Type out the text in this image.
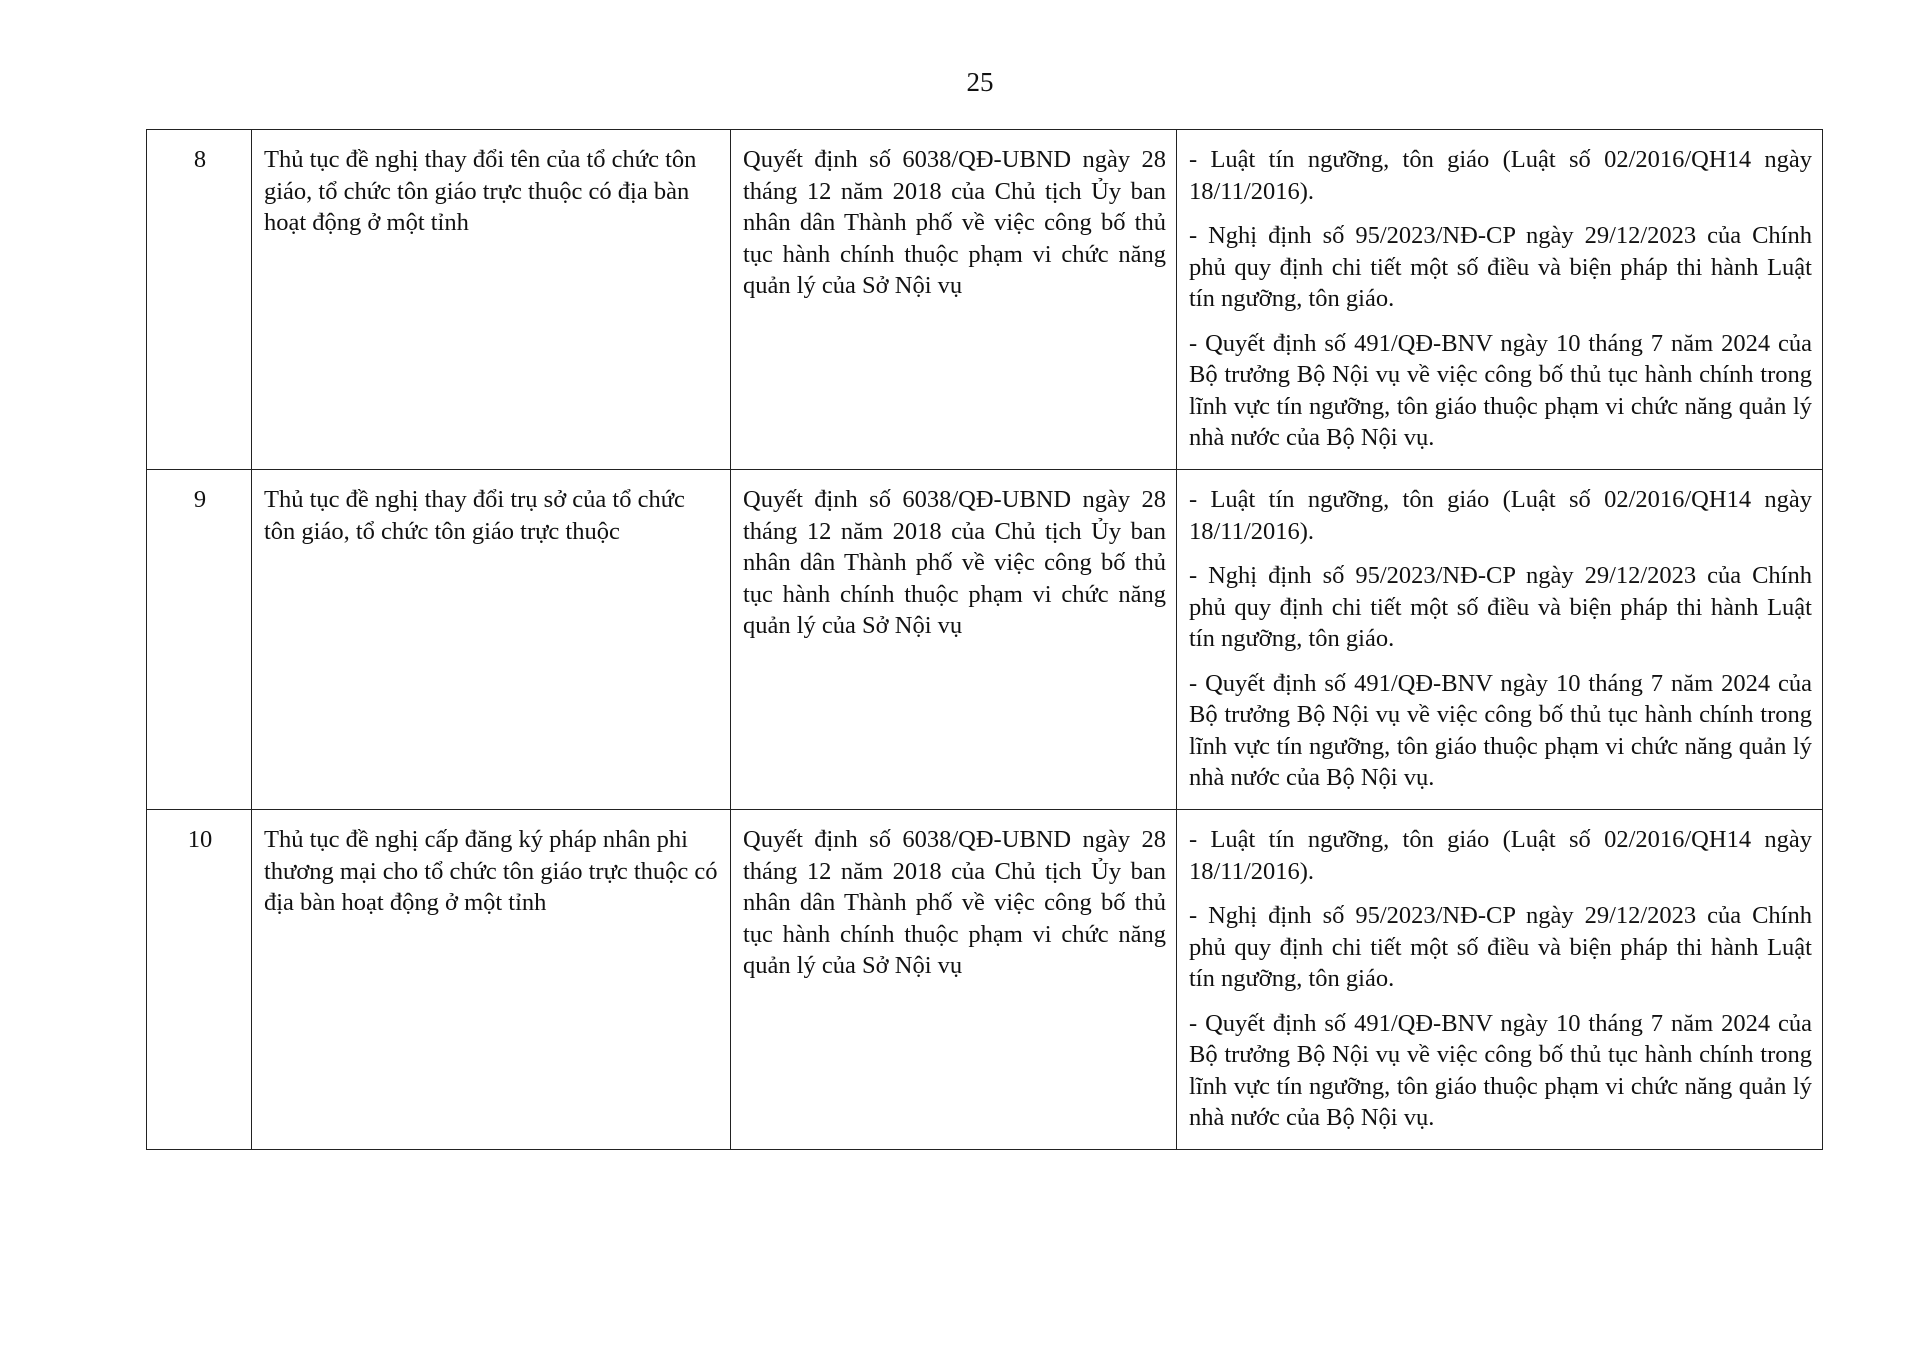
25
8	Thủ tục đề nghị thay đổi tên của tổ chức tôn giáo, tổ chức tôn giáo trực thuộc có địa bàn hoạt động ở một tỉnh	Quyết định số 6038/QĐ-UBND ngày 28 tháng 12 năm 2018 của Chủ tịch Ủy ban nhân dân Thành phố về việc công bố thủ tục hành chính thuộc phạm vi chức năng quản lý của Sở Nội vụ	- Luật tín ngưỡng, tôn giáo (Luật số 02/2016/QH14 ngày 18/11/2016).
- Nghị định số 95/2023/NĐ-CP ngày 29/12/2023 của Chính phủ quy định chi tiết một số điều và biện pháp thi hành Luật tín ngưỡng, tôn giáo.
- Quyết định số 491/QĐ-BNV ngày 10 tháng 7 năm 2024 của Bộ trưởng Bộ Nội vụ về việc công bố thủ tục hành chính trong lĩnh vực tín ngưỡng, tôn giáo thuộc phạm vi chức năng quản lý nhà nước của Bộ Nội vụ.

9	Thủ tục đề nghị thay đổi trụ sở của tổ chức tôn giáo, tổ chức tôn giáo trực thuộc	Quyết định số 6038/QĐ-UBND ngày 28 tháng 12 năm 2018 của Chủ tịch Ủy ban nhân dân Thành phố về việc công bố thủ tục hành chính thuộc phạm vi chức năng quản lý của Sở Nội vụ	- Luật tín ngưỡng, tôn giáo (Luật số 02/2016/QH14 ngày 18/11/2016).
- Nghị định số 95/2023/NĐ-CP ngày 29/12/2023 của Chính phủ quy định chi tiết một số điều và biện pháp thi hành Luật tín ngưỡng, tôn giáo.
- Quyết định số 491/QĐ-BNV ngày 10 tháng 7 năm 2024 của Bộ trưởng Bộ Nội vụ về việc công bố thủ tục hành chính trong lĩnh vực tín ngưỡng, tôn giáo thuộc phạm vi chức năng quản lý nhà nước của Bộ Nội vụ.

10	Thủ tục đề nghị cấp đăng ký pháp nhân phi thương mại cho tổ chức tôn giáo trực thuộc có địa bàn hoạt động ở một tỉnh	Quyết định số 6038/QĐ-UBND ngày 28 tháng 12 năm 2018 của Chủ tịch Ủy ban nhân dân Thành phố về việc công bố thủ tục hành chính thuộc phạm vi chức năng quản lý của Sở Nội vụ	- Luật tín ngưỡng, tôn giáo (Luật số 02/2016/QH14 ngày 18/11/2016).
- Nghị định số 95/2023/NĐ-CP ngày 29/12/2023 của Chính phủ quy định chi tiết một số điều và biện pháp thi hành Luật tín ngưỡng, tôn giáo.
- Quyết định số 491/QĐ-BNV ngày 10 tháng 7 năm 2024 của Bộ trưởng Bộ Nội vụ về việc công bố thủ tục hành chính trong lĩnh vực tín ngưỡng, tôn giáo thuộc phạm vi chức năng quản lý nhà nước của Bộ Nội vụ.
